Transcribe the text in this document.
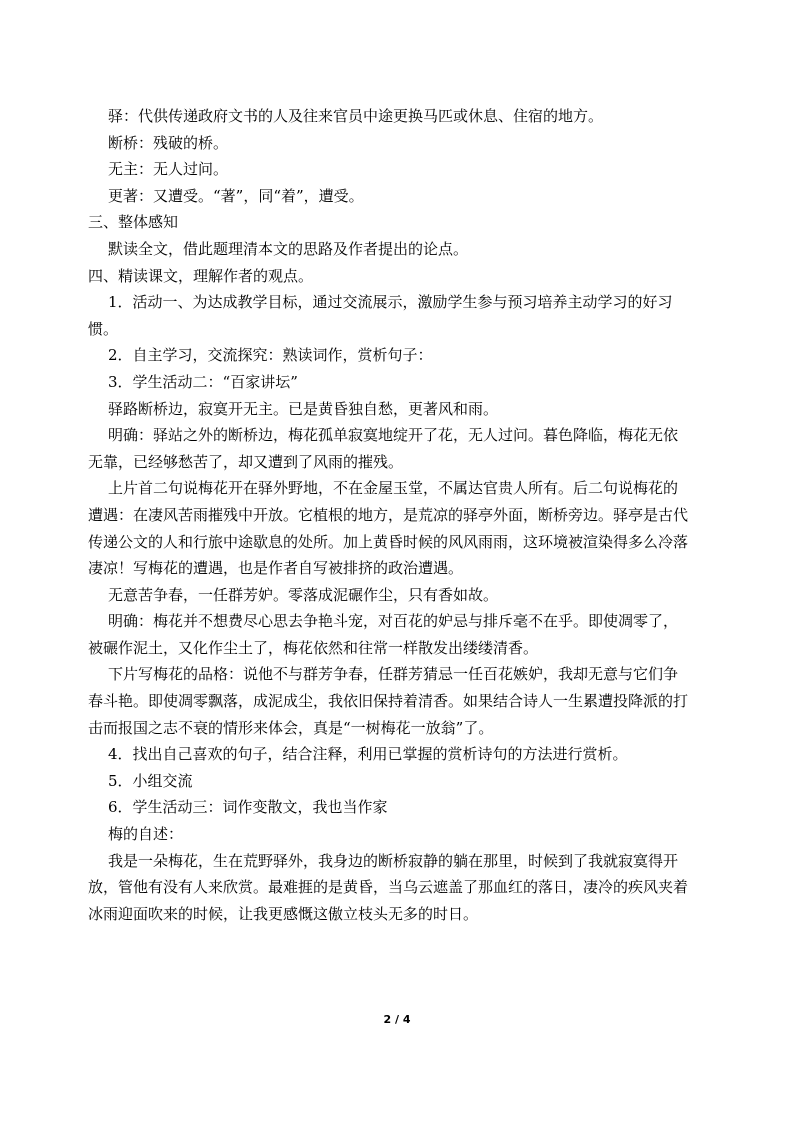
驿：代供传递政府文书的人及往来官员中途更换马匹或休息、住宿的地方。

断桥：残破的桥。

无主：无人过问。

更著：又遭受。“著”，同“着”，遭受。

三、整体感知

默读全文，借此题理清本文的思路及作者提出的论点。

四、精读课文，理解作者的观点。

1．活动一、为达成教学目标，通过交流展示，激励学生参与预习培养主动学习的好习

惯。

2．自主学习，交流探究：熟读词作，赏析句子：

3．学生活动二：“百家讲坛”

驿路断桥边，寂寞开无主。已是黄昏独自愁，更著风和雨。

明确：驿站之外的断桥边，梅花孤单寂寞地绽开了花，无人过问。暮色降临，梅花无依

无靠，已经够愁苦了，却又遭到了风雨的摧残。

上片首二句说梅花开在驿外野地，不在金屋玉堂，不属达官贵人所有。后二句说梅花的

遭遇：在凄风苦雨摧残中开放。它植根的地方，是荒凉的驿亭外面，断桥旁边。驿亭是古代

传递公文的人和行旅中途歇息的处所。加上黄昏时候的风风雨雨，这环境被渲染得多么冷落

凄凉！写梅花的遭遇，也是作者自写被排挤的政治遭遇。

无意苦争春，一任群芳妒。零落成泥碾作尘，只有香如故。

明确：梅花并不想费尽心思去争艳斗宠，对百花的妒忌与排斥毫不在乎。即使凋零了，

被碾作泥土，又化作尘土了，梅花依然和往常一样散发出缕缕清香。

下片写梅花的品格：说他不与群芳争春，任群芳猜忌一任百花嫉妒，我却无意与它们争

春斗艳。即使凋零飘落，成泥成尘，我依旧保持着清香。如果结合诗人一生累遭投降派的打

击而报国之志不衰的情形来体会，真是“一树梅花一放翁”了。

4．找出自己喜欢的句子，结合注释，利用已掌握的赏析诗句的方法进行赏析。

5．小组交流

6．学生活动三：词作变散文，我也当作家

梅的自述：

我是一朵梅花，生在荒野驿外，我身边的断桥寂静的躺在那里，时候到了我就寂寞得开

放，管他有没有人来欣赏。最难捱的是黄昏，当乌云遮盖了那血红的落日，凄冷的疾风夹着

冰雨迎面吹来的时候，让我更感慨这傲立枝头无多的时日。

2 / 4
